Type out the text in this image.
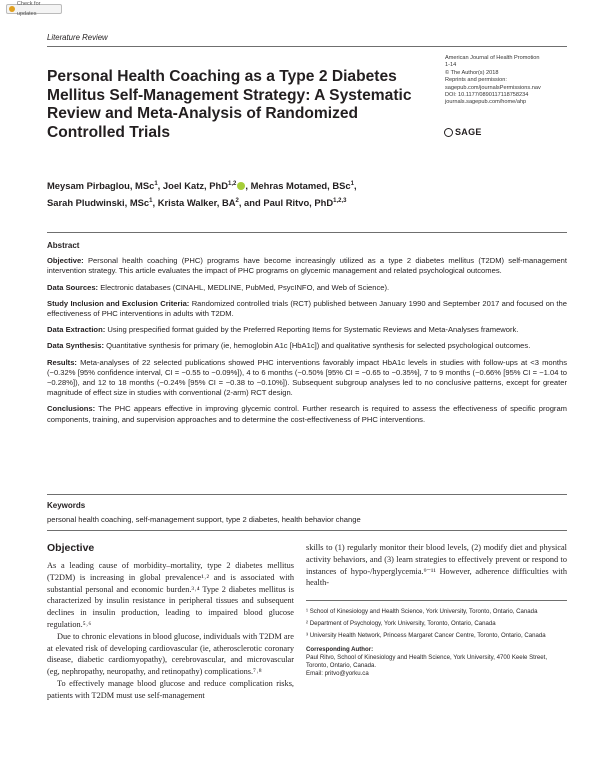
Check for updates
Literature Review
American Journal of Health Promotion
1-14
© The Author(s) 2018
Reprints and permission:
sagepub.com/journalsPermissions.nav
DOI: 10.1177/0890117118758234
journals.sagepub.com/home/ahp
SAGE
Personal Health Coaching as a Type 2 Diabetes Mellitus Self-Management Strategy: A Systematic Review and Meta-Analysis of Randomized Controlled Trials
Meysam Pirbaglou, MSc$^1$, Joel Katz, PhD$^{1,2}$ , Mehras Motamed, BSc$^1$,
Sarah Pludwinski, MSc$^1$, Krista Walker, $BA^2$, and Paul Ritvo, PhD$^{1,2,3}$
Abstract

Objective: Personal health coaching (PHC) programs have become increasingly utilized as a type 2 diabetes mellitus (T2DM) self-management intervention strategy. This article evaluates the impact of PHC programs on glycemic management and related psychological outcomes.

Data Sources: Electronic databases (CINAHL, MEDLINE, PubMed, PsycINFO, and Web of Science).

Study Inclusion and Exclusion Criteria: Randomized controlled trials (RCT) published between January 1990 and September 2017 and focused on the effectiveness of PHC interventions in adults with T2DM.

Data Extraction: Using prespecified format guided by the Preferred Reporting Items for Systematic Reviews and Meta-Analyses framework.

Data Synthesis: Quantitative synthesis for primary (ie, hemoglobin A1c [HbA1c]) and qualitative synthesis for selected psychological outcomes.

Results: Meta-analyses of 22 selected publications showed PHC interventions favorably impact HbA1c levels in studies with follow-ups at <3 months (−0.32% [95% confidence interval, CI = −0.55 to −0.09%]), 4 to 6 months (−0.50% [95% CI = −0.65 to −0.35%], 7 to 9 months (−0.66% [95% CI = −1.04 to −0.28%]), and 12 to 18 months (−0.24% [95% CI = −0.38 to −0.10%]). Subsequent subgroup analyses led to no conclusive patterns, except for greater magnitude of effect size in studies with conventional (2-arm) RCT design.

Conclusions: The PHC appears effective in improving glycemic control. Further research is required to assess the effectiveness of specific program components, training, and supervision approaches and to determine the cost-effectiveness of PHC interventions.

Keywords
personal health coaching, self-management support, type 2 diabetes, health behavior change
Objective

As a leading cause of morbidity–mortality, type 2 diabetes mellitus (T2DM) is increasing in global prevalence¹˒² and is associated with substantial personal and economic burden.³˒⁴ Type 2 diabetes mellitus is characterized by insulin resistance in peripheral tissues and subsequent declines in insulin production, leading to impaired blood glucose regulation.⁵˒⁶

Due to chronic elevations in blood glucose, individuals with T2DM are at elevated risk of developing cardiovascular (ie, atherosclerotic coronary disease, diabetic cardiomyopathy), cerebrovascular, and microvascular (eg, nephropathy, neuropathy, and retinopathy) complications.⁷˒⁸

To effectively manage blood glucose and reduce complication risks, patients with T2DM must use self-management

skills to (1) regularly monitor their blood levels, (2) modify diet and physical activity behaviors, and (3) learn strategies to effectively prevent or respond to instances of hypo-/hyperglycemia.⁹⁻¹¹ However, adherence difficulties with health-
¹ School of Kinesiology and Health Science, York University, Toronto, Ontario, Canada
² Department of Psychology, York University, Toronto, Ontario, Canada
³ University Health Network, Princess Margaret Cancer Centre, Toronto, Ontario, Canada
Corresponding Author:
Paul Ritvo, School of Kinesiology and Health Science, York University, 4700 Keele Street, Toronto, Ontario, Canada.
Email: pritvo@yorku.ca
